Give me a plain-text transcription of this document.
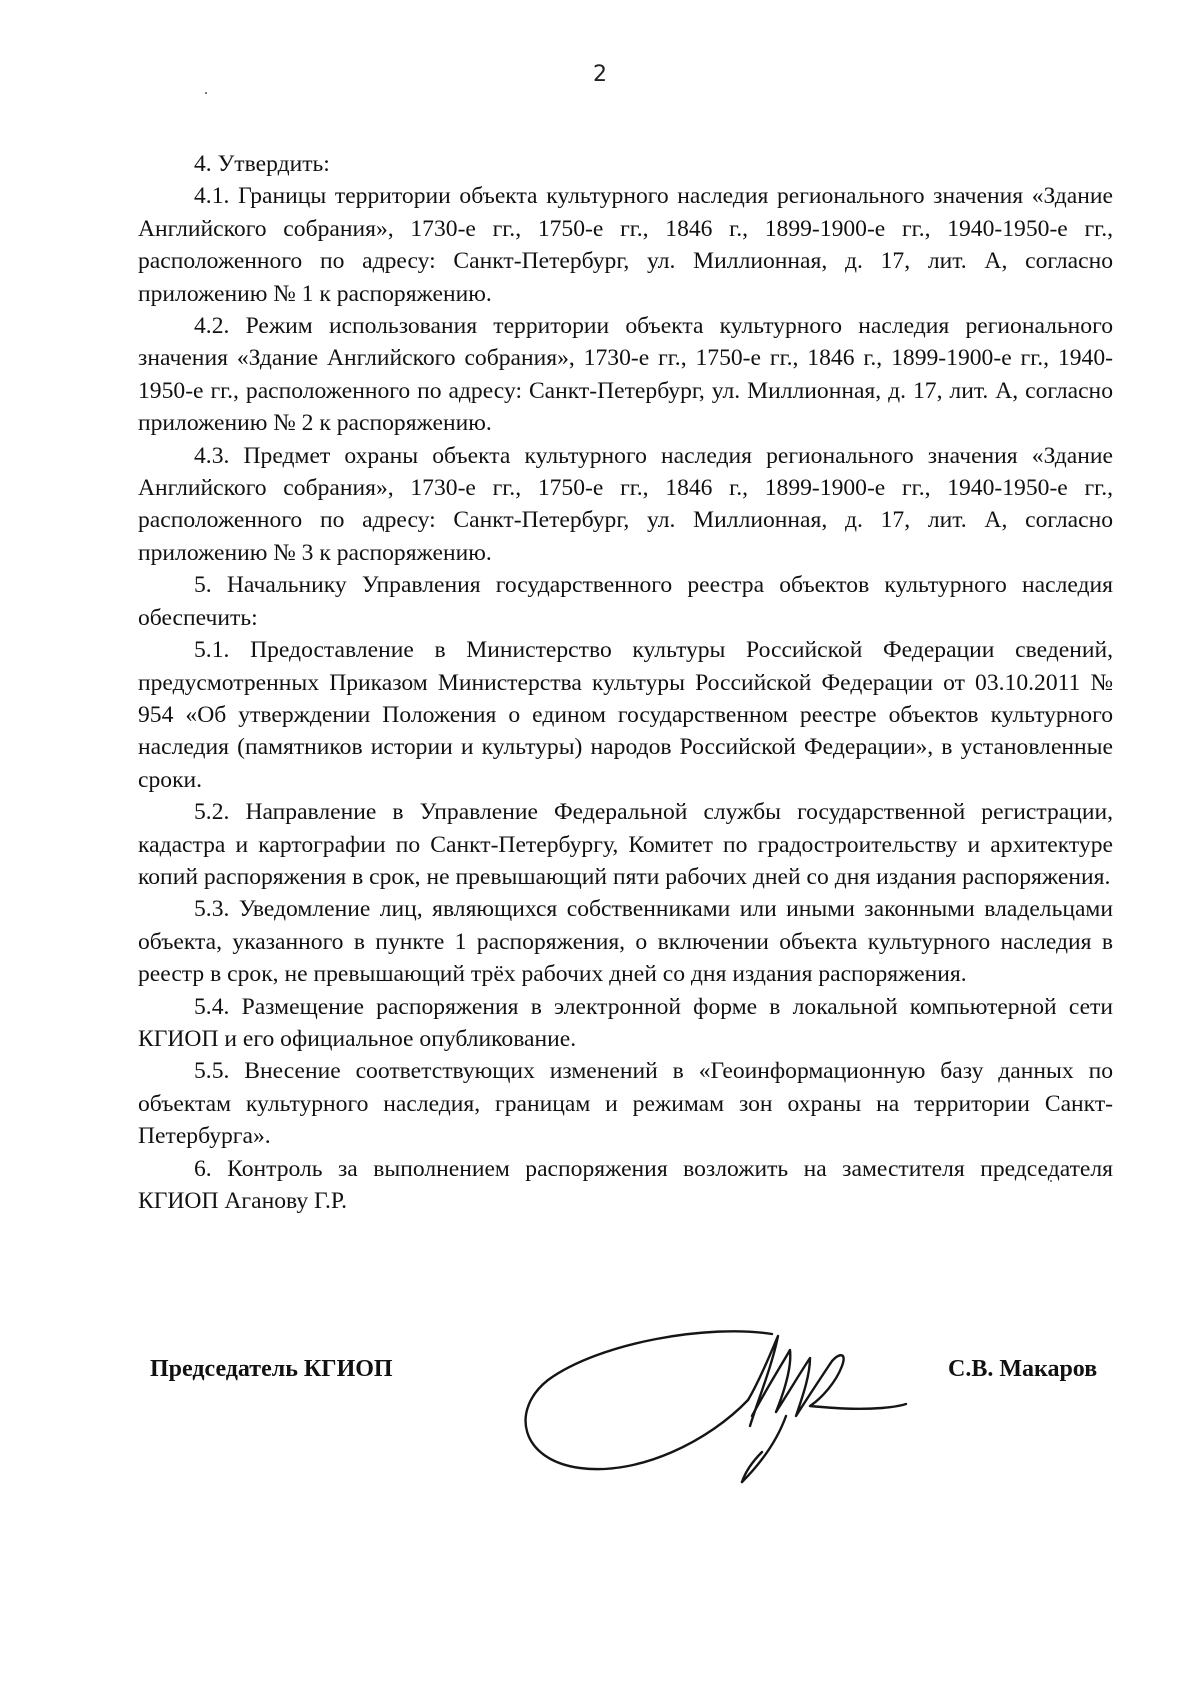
2

4. Утвердить:

4.1. Границы территории объекта культурного наследия регионального значения «Здание Английского собрания», 1730-е гг., 1750-е гг., 1846 г., 1899-1900-е гг., 1940-1950-е гг., расположенного по адресу: Санкт-Петербург, ул. Миллионная, д. 17, лит. А, согласно приложению № 1 к распоряжению.

4.2. Режим использования территории объекта культурного наследия регионального значения «Здание Английского собрания», 1730-е гг., 1750-е гг., 1846 г., 1899-1900-е гг., 1940-1950-е гг., расположенного по адресу: Санкт-Петербург, ул. Миллионная, д. 17, лит. А, согласно приложению № 2 к распоряжению.

4.3. Предмет охраны объекта культурного наследия регионального значения «Здание Английского собрания», 1730-е гг., 1750-е гг., 1846 г., 1899-1900-е гг., 1940-1950-е гг., расположенного по адресу: Санкт-Петербург, ул. Миллионная, д. 17, лит. А, согласно приложению № 3 к распоряжению.

5. Начальнику Управления государственного реестра объектов культурного наследия обеспечить:

5.1. Предоставление в Министерство культуры Российской Федерации сведений, предусмотренных Приказом Министерства культуры Российской Федерации от 03.10.2011 № 954 «Об утверждении Положения о едином государственном реестре объектов культурного наследия (памятников истории и культуры) народов Российской Федерации», в установленные сроки.

5.2. Направление в Управление Федеральной службы государственной регистрации, кадастра и картографии по Санкт-Петербургу, Комитет по градостроительству и архитектуре копий распоряжения в срок, не превышающий пяти рабочих дней со дня издания распоряжения.

5.3. Уведомление лиц, являющихся собственниками или иными законными владельцами объекта, указанного в пункте 1 распоряжения, о включении объекта культурного наследия в реестр в срок, не превышающий трёх рабочих дней со дня издания распоряжения.

5.4. Размещение распоряжения в электронной форме в локальной компьютерной сети КГИОП и его официальное опубликование.

5.5. Внесение соответствующих изменений в «Геоинформационную базу данных по объектам культурного наследия, границам и режимам зон охраны на территории Санкт-Петербурга».

6. Контроль за выполнением распоряжения возложить на заместителя председателя КГИОП Аганову Г.Р.

Председатель КГИОП	С.В. Макаров
